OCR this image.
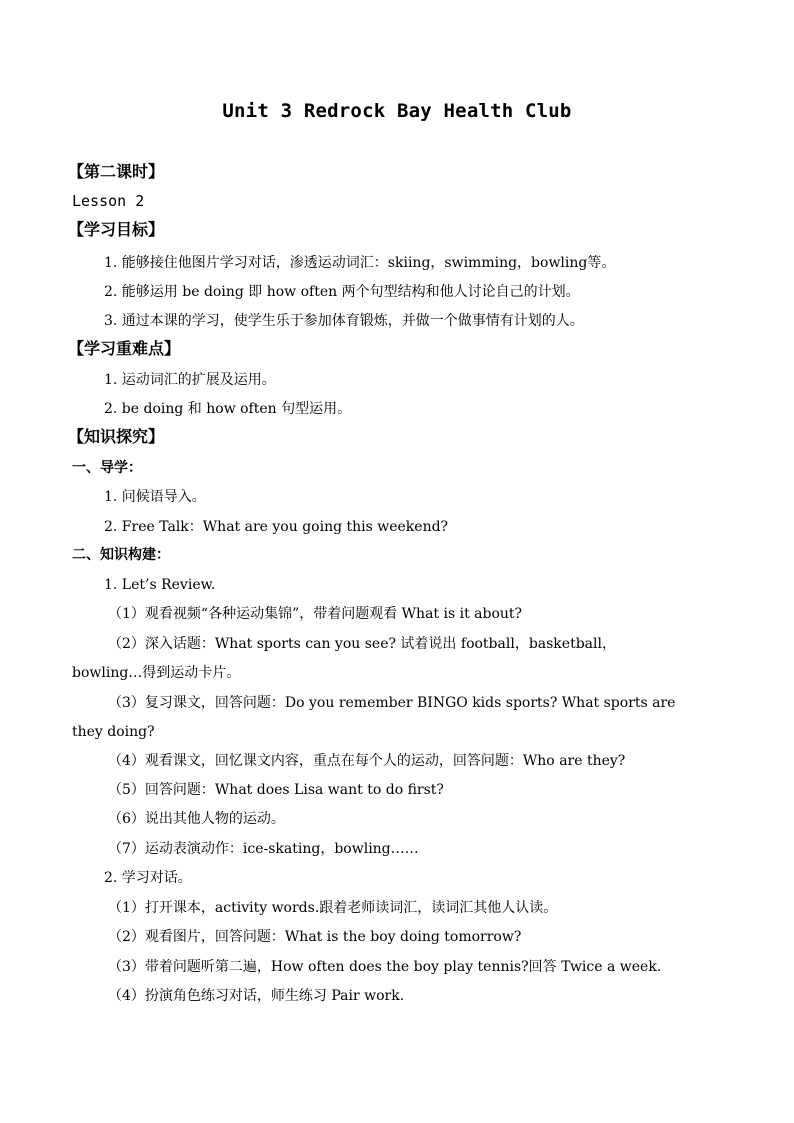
Unit 3 Redrock Bay Health Club
【第二课时】
Lesson 2
【学习目标】
1. 能够接住他图片学习对话，渗透运动词汇：skiing，swimming，bowling等。
2. 能够运用 be doing 即 how often 两个句型结构和他人讨论自己的计划。
3. 通过本课的学习，使学生乐于参加体育锻炼，并做一个做事情有计划的人。
【学习重难点】
1. 运动词汇的扩展及运用。
2. be doing 和 how often 句型运用。
【知识探究】
一、导学：
1. 问候语导入。
2. Free Talk：What are you going this weekend?
二、知识构建：
1. Let’s Review.
（1）观看视频“各种运动集锦”，带着问题观看 What is it about?
（2）深入话题：What sports can you see? 试着说出 football，basketball，
bowling…得到运动卡片。
（3）复习课文，回答问题：Do you remember BINGO kids sports? What sports are
they doing?
（4）观看课文，回忆课文内容，重点在每个人的运动，回答问题：Who are they?
（5）回答问题：What does Lisa want to do first?
（6）说出其他人物的运动。
（7）运动表演动作：ice-skating，bowling……
2. 学习对话。
（1）打开课本，activity words.跟着老师读词汇，读词汇其他人认读。
（2）观看图片，回答问题：What is the boy doing tomorrow?
（3）带着问题听第二遍，How often does the boy play tennis?回答 Twice a week.
（4）扮演角色练习对话，师生练习 Pair work.
